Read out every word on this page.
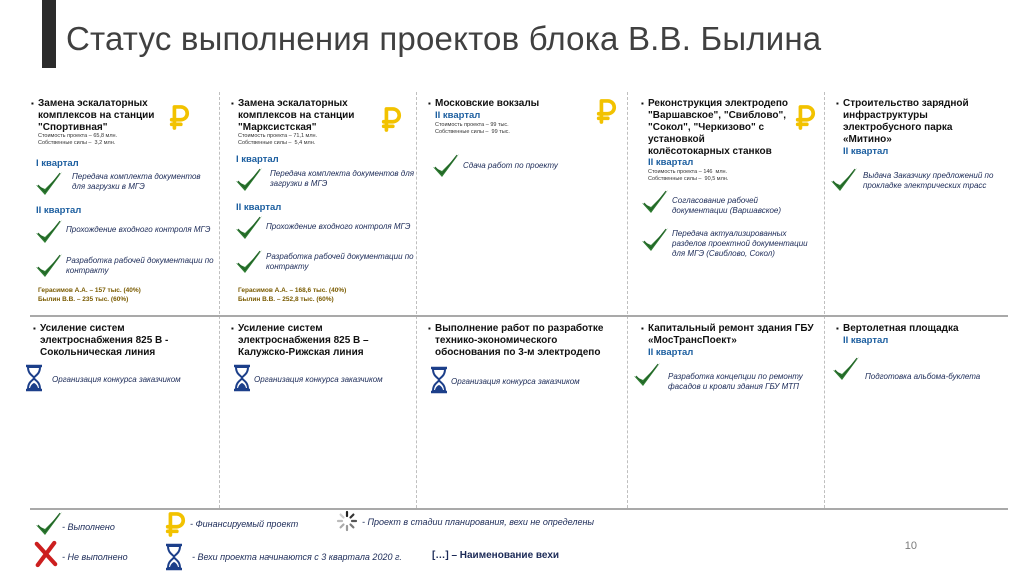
Статус выполнения проектов блока В.В. Былина
▪ Замена эскалаторных комплексов на станции "Спортивная"
Стоимость проекта – 65,8 млн.
Собственные силы –  3,2 млн.
I квартал
Передача комплекта документов для загрузки в МГЭ
II квартал
Прохождение входного контроля МГЭ
Разработка рабочей документации по контракту
Герасимов А.А. – 157 тыс. (40%)
Былин В.В. – 235 тыс. (60%)
▪ Замена эскалаторных комплексов на станции "Марксистская"
Стоимость проекта – 71,1 млн.
Собственные силы –  5,4 млн.
I квартал
Передача комплекта документов для загрузки в МГЭ
II квартал
Прохождение входного контроля МГЭ
Разработка рабочей документации по контракту
Герасимов А.А. – 168,6 тыс. (40%)
Былин В.В. – 252,8 тыс. (60%)
▪ Московские вокзалы
II квартал
Стоимость проекта – 99 тыс.
Собственные силы –  99 тыс.
Сдача работ по проекту
▪ Реконструкция электродепо "Варшавское", "Свиблово", "Сокол", "Черкизово" с установкой колёсотокарных станков
II квартал
Стоимость проекта – 146  млн.
Собственные силы –  90,5 млн.
Согласование рабочей документации (Варшавское)
Передача актуализированных разделов проектной документации для МГЭ (Свиблово, Сокол)
▪ Строительство зарядной инфраструктуры электробусного парка «Митино»
II квартал
Выдача Заказчику предложений по прокладке электрических трасс
▪ Усиление систем электроснабжения 825 В - Сокольническая линия
Организация конкурса заказчиком
▪ Усиление систем электроснабжения 825 В – Калужско-Рижская линия
Организация конкурса заказчиком
▪ Выполнение работ по разработке технико-экономического обоснования по 3-м электродепо
Организация конкурса заказчиком
▪ Капитальный ремонт здания ГБУ «МосТрансПоект»
II квартал
Разработка концепции по ремонту фасадов и кровли здания ГБУ МТП
▪ Вертолетная площадка
II квартал
Подготовка альбома-буклета
- Выполнено
- Не выполнено
- Финансируемый проект
- Вехи проекта начинаются с 3 квартала 2020 г.
- Проект в стадии планирования, вехи не определены
[…] – Наименование вехи
10
